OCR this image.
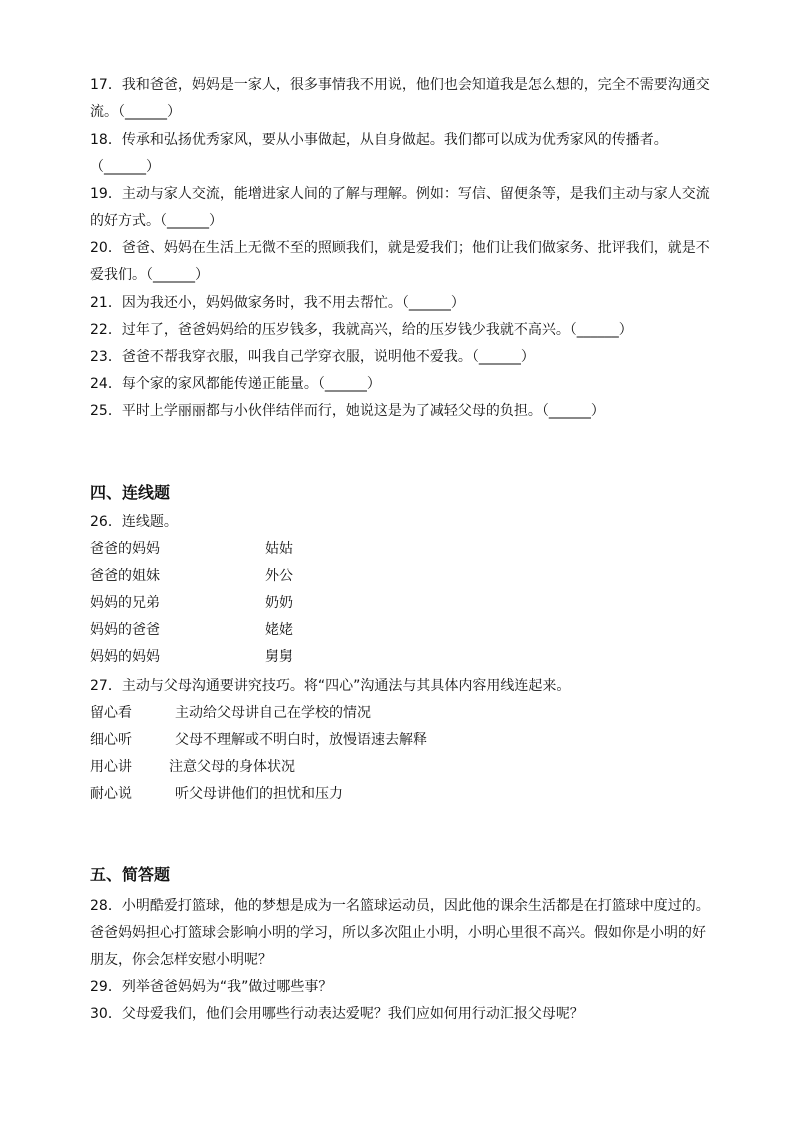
17．我和爸爸，妈妈是一家人，很多事情我不用说，他们也会知道我是怎么想的，完全不需要沟通交
流。（______）
18．传承和弘扬优秀家风，要从小事做起，从自身做起。我们都可以成为优秀家风的传播者。
（______）
19．主动与家人交流，能增进家人间的了解与理解。例如：写信、留便条等，是我们主动与家人交流
的好方式。（______）
20．爸爸、妈妈在生活上无微不至的照顾我们，就是爱我们；他们让我们做家务、批评我们，就是不
爱我们。（______）
21．因为我还小，妈妈做家务时，我不用去帮忙。（______）
22．过年了，爸爸妈妈给的压岁钱多，我就高兴，给的压岁钱少我就不高兴。（______）
23．爸爸不帮我穿衣服，叫我自己学穿衣服，说明他不爱我。（______）
24．每个家的家风都能传递正能量。（______）
25．平时上学丽丽都与小伙伴结伴而行，她说这是为了减轻父母的负担。（______）
四、连线题
26．连线题。
爸爸的妈妈	姑姑
爸爸的姐妹	外公
妈妈的兄弟	奶奶
妈妈的爸爸	姥姥
妈妈的妈妈	舅舅
27．主动与父母沟通要讲究技巧。将“四心”沟通法与其具体内容用线连起来。
留心看	主动给父母讲自己在学校的情况
细心听	父母不理解或不明白时，放慢语速去解释
用心讲	注意父母的身体状况
耐心说	听父母讲他们的担忧和压力
五、简答题
28．小明酷爱打篮球，他的梦想是成为一名篮球运动员，因此他的课余生活都是在打篮球中度过的。
爸爸妈妈担心打篮球会影响小明的学习，所以多次阻止小明，小明心里很不高兴。假如你是小明的好
朋友，你会怎样安慰小明呢？
29．列举爸爸妈妈为“我”做过哪些事？
30．父母爱我们，他们会用哪些行动表达爱呢？我们应如何用行动汇报父母呢？
